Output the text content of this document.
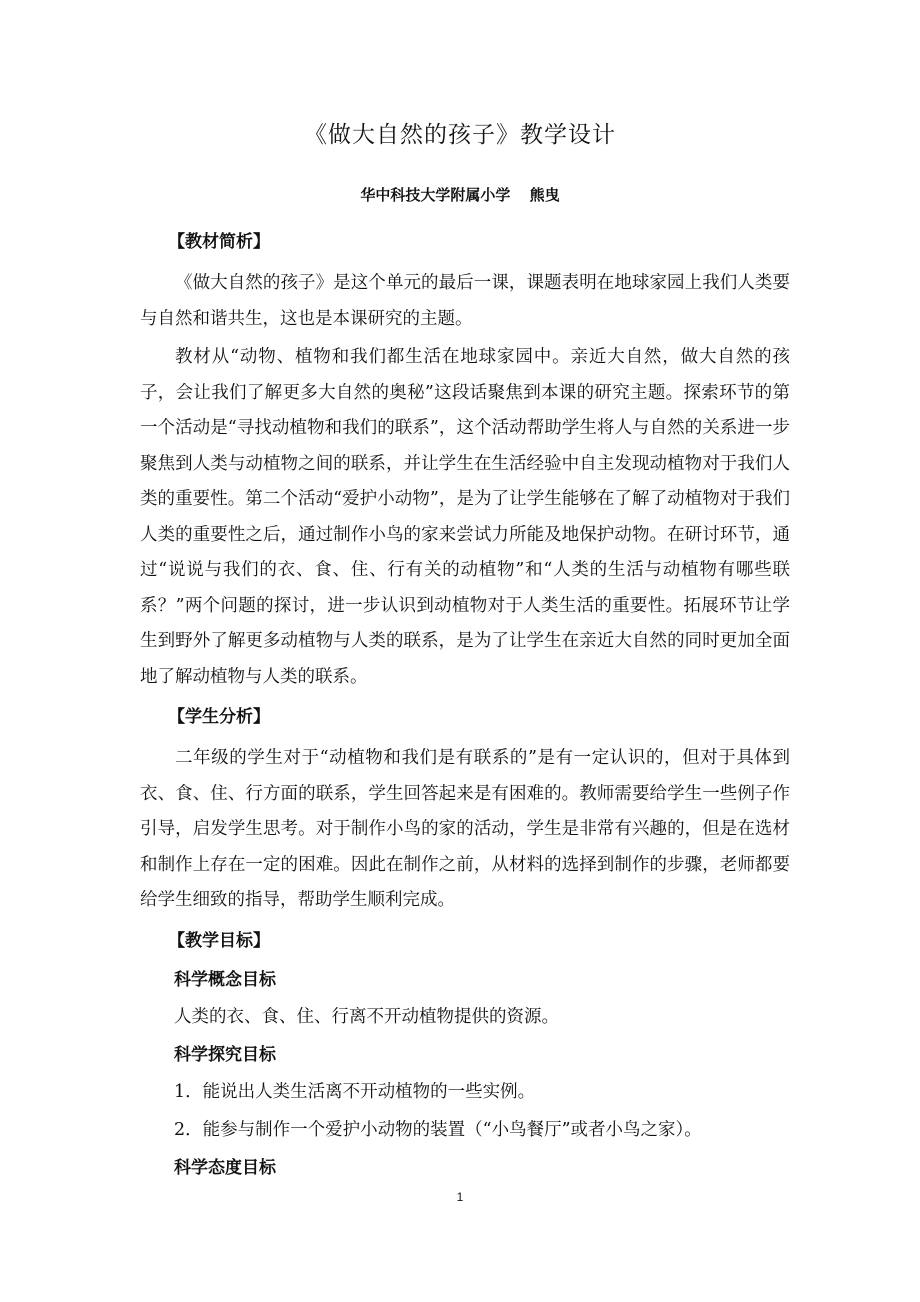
《做大自然的孩子》教学设计
华中科技大学附属小学 熊曳
【教材简析】

《做大自然的孩子》是这个单元的最后一课，课题表明在地球家园上我们人类要与自然和谐共生，这也是本课研究的主题。

教材从“动物、植物和我们都生活在地球家园中。亲近大自然，做大自然的孩子，会让我们了解更多大自然的奥秘”这段话聚焦到本课的研究主题。探索环节的第一个活动是“寻找动植物和我们的联系”，这个活动帮助学生将人与自然的关系进一步聚焦到人类与动植物之间的联系，并让学生在生活经验中自主发现动植物对于我们人类的重要性。第二个活动“爱护小动物”，是为了让学生能够在了解了动植物对于我们人类的重要性之后，通过制作小鸟的家来尝试力所能及地保护动物。在研讨环节，通过“说说与我们的衣、食、住、行有关的动植物”和“人类的生活与动植物有哪些联系？”两个问题的探讨，进一步认识到动植物对于人类生活的重要性。拓展环节让学生到野外了解更多动植物与人类的联系，是为了让学生在亲近大自然的同时更加全面地了解动植物与人类的联系。

【学生分析】

二年级的学生对于“动植物和我们是有联系的”是有一定认识的，但对于具体到衣、食、住、行方面的联系，学生回答起来是有困难的。教师需要给学生一些例子作引导，启发学生思考。对于制作小鸟的家的活动，学生是非常有兴趣的，但是在选材和制作上存在一定的困难。因此在制作之前，从材料的选择到制作的步骤，老师都要给学生细致的指导，帮助学生顺利完成。

【教学目标】
科学概念目标
人类的衣、食、住、行离不开动植物提供的资源。
科学探究目标
1．能说出人类生活离不开动植物的一些实例。
2．能参与制作一个爱护小动物的装置（“小鸟餐厅”或者小鸟之家）。
科学态度目标
1
